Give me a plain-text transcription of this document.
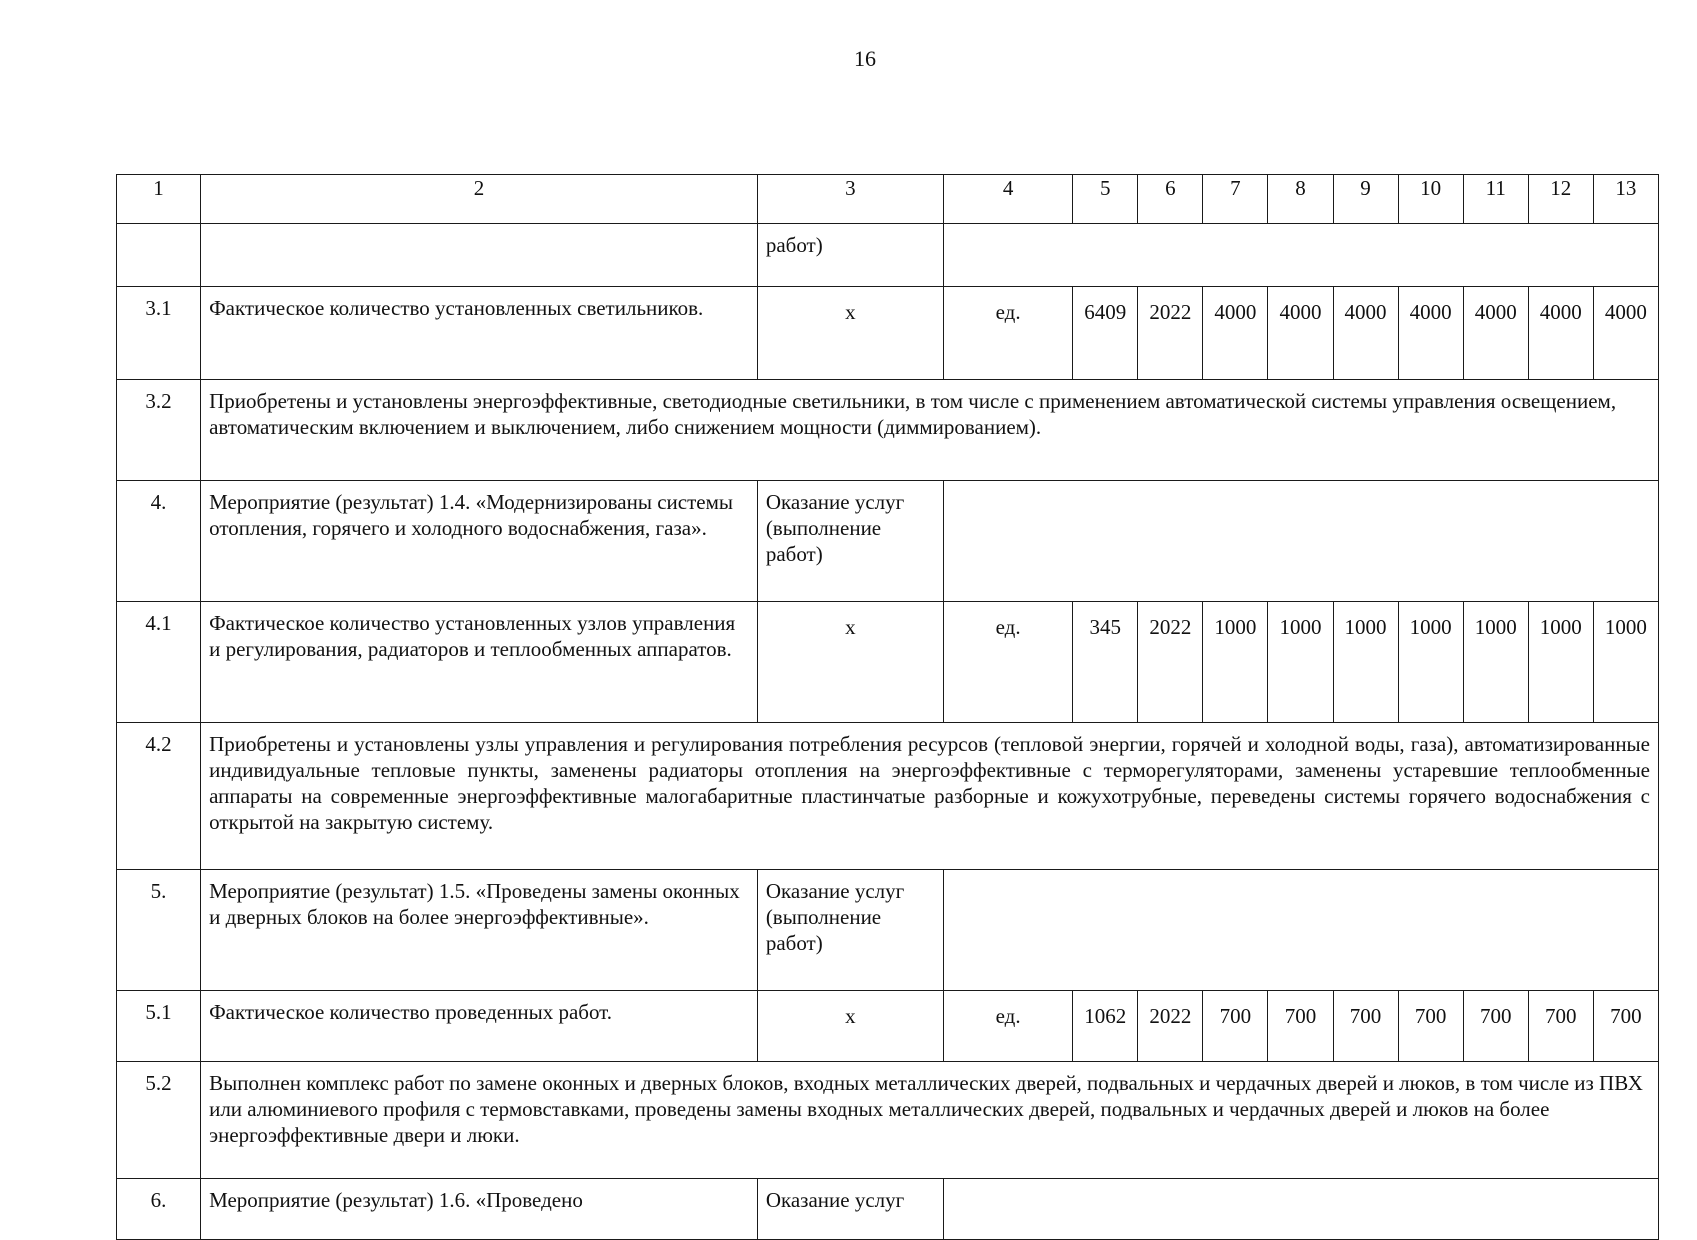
16
1	2	3	4	5	6	7	8	9	10	11	12	13
		работ)										
3.1	Фактическое количество установленных светильников.	х	ед.	6409	2022	4000	4000	4000	4000	4000	4000	4000
3.2	Приобретены и установлены энергоэффективные, светодиодные светильники, в том числе с применением автоматической системы управления освещением, автоматическим включением и выключением, либо снижением мощности (диммированием).											
4.	Мероприятие (результат) 1.4. «Модернизированы системы отопления, горячего и холодного водоснабжения, газа».	Оказание услуг (выполнение работ)										
4.1	Фактическое количество установленных узлов управления и регулирования, радиаторов и теплообменных аппаратов.	х	ед.	345	2022	1000	1000	1000	1000	1000	1000	1000
4.2	Приобретены и установлены узлы управления и регулирования потребления ресурсов (тепловой энергии, горячей и холодной воды, газа), автоматизированные индивидуальные тепловые пункты, заменены радиаторы отопления на энергоэффективные с терморегуляторами, заменены устаревшие теплообменные аппараты на современные энергоэффективные малогабаритные пластинчатые разборные и кожухотрубные, переведены системы горячего водоснабжения с открытой на закрытую систему.											
5.	Мероприятие (результат) 1.5. «Проведены замены оконных и дверных блоков на более энергоэффективные».	Оказание услуг (выполнение работ)										
5.1	Фактическое количество проведенных работ.	х	ед.	1062	2022	700	700	700	700	700	700	700
5.2	Выполнен комплекс работ по замене оконных и дверных блоков, входных металлических дверей, подвальных и чердачных дверей и люков, в том числе из ПВХ или алюминиевого профиля с термовставками, проведены замены входных металлических дверей, подвальных и чердачных дверей и люков на более энергоэффективные двери и люки.											
6.	Мероприятие (результат) 1.6. «Проведено	Оказание услуг										
